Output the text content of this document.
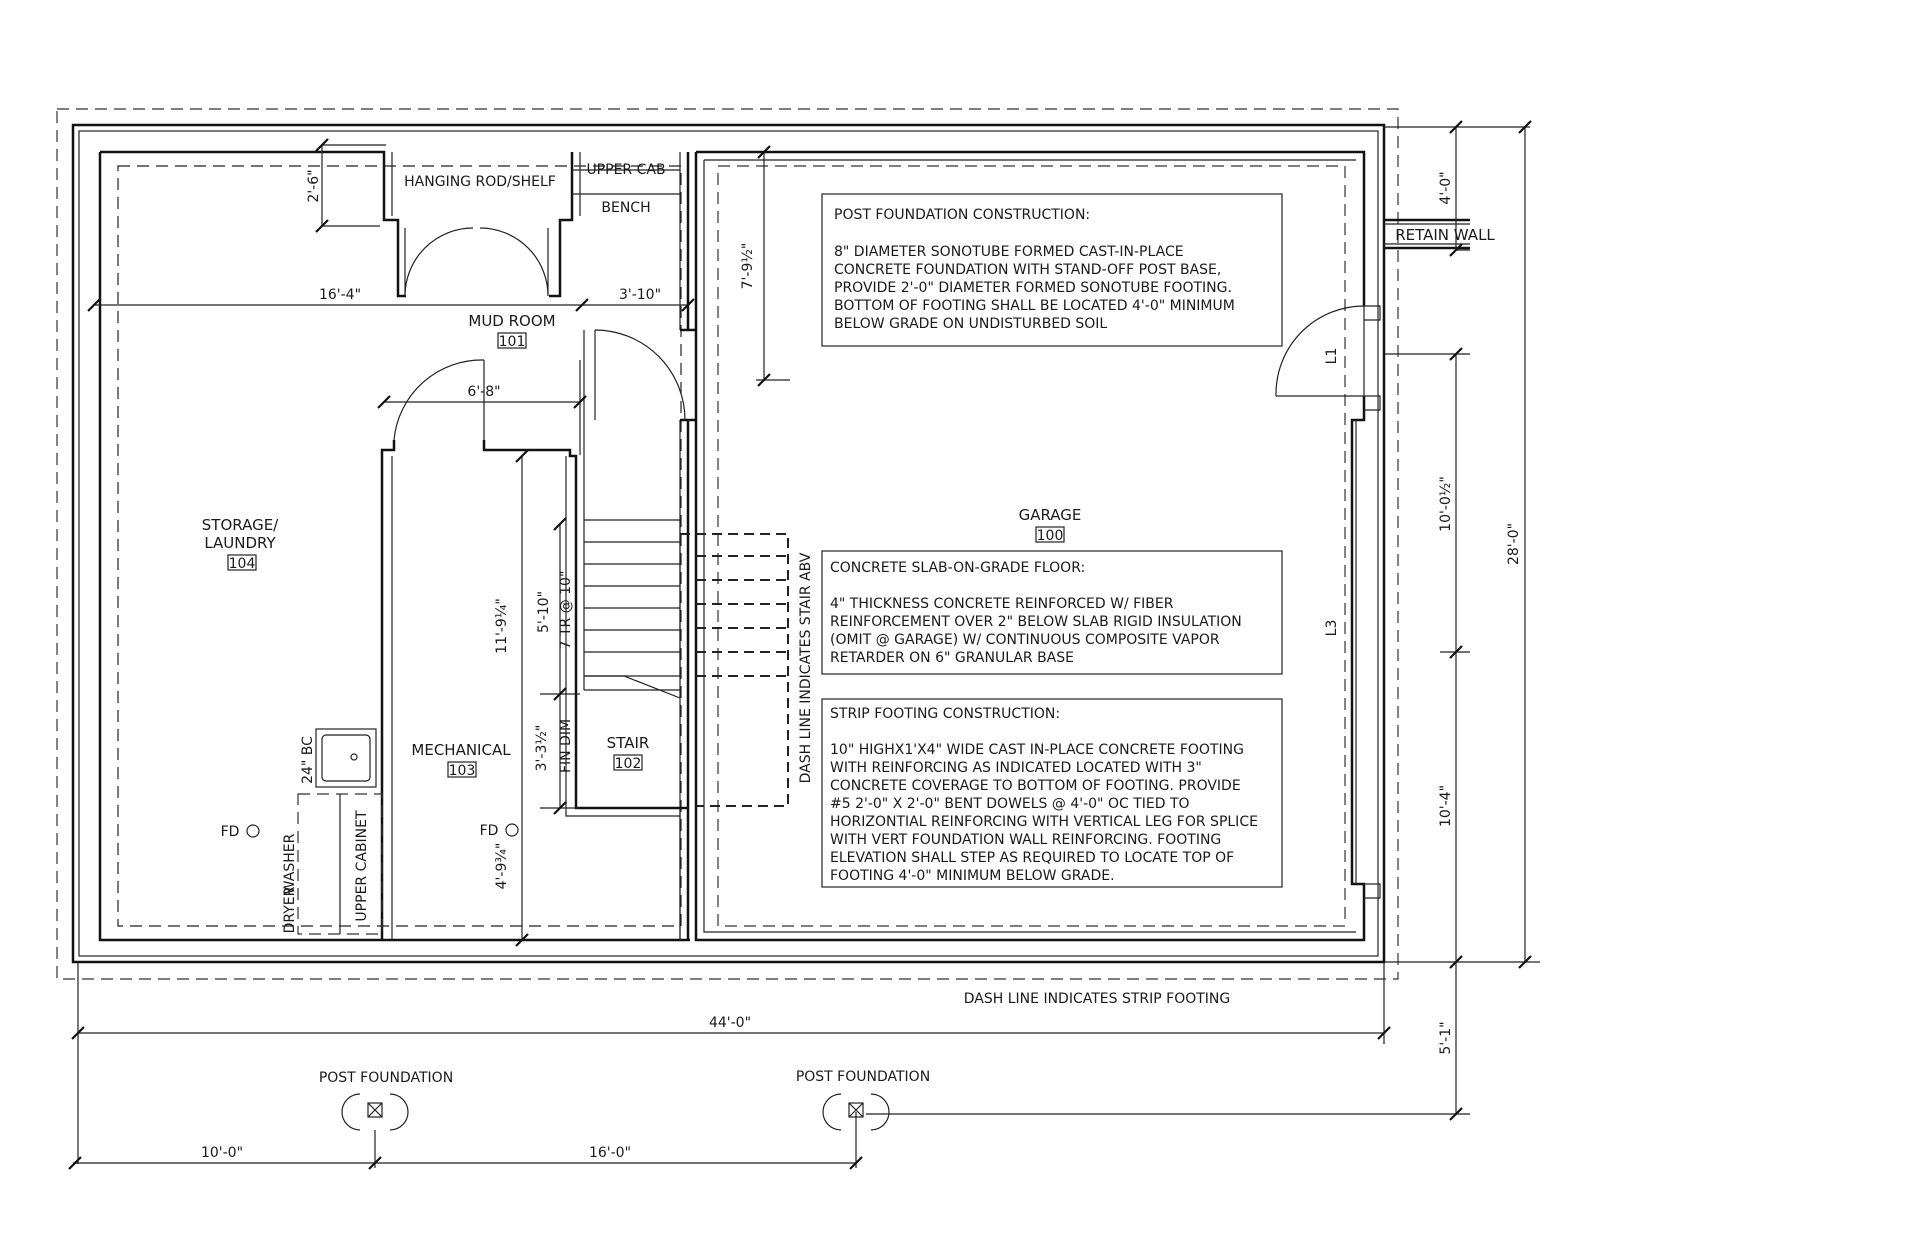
MUD ROOM
101
STORAGE/
LAUNDRY
104
MECHANICAL
103
STAIR
102
GARAGE
100
HANGING ROD/SHELF
UPPER CAB
BENCH
RETAIN WALL
24" BC
WASHER
DRYER	UPPER CABINET
FD	FD
FIN DIM	DASH LINE INDICATES STAIR ABV
DASH LINE INDICATES STRIP FOOTING
POST FOUNDATION	POST FOUNDATION
L1
L3
2'-6"
16'-4"	3'-10"
6'-8"
7'-9½"
4'-0"
10'-0½"
28'-0"
10'-4"
5'-1"
11'-9¼" 5'-10" 7 TR @ 10"
3'-3½"
4'-9¾"
44'-0"
10'-0"	16'-0"
POST FOUNDATION CONSTRUCTION:
8" DIAMETER SONOTUBE FORMED CAST-IN-PLACE
CONCRETE FOUNDATION WITH STAND-OFF POST BASE,
PROVIDE 2'-0" DIAMETER FORMED SONOTUBE FOOTING.
BOTTOM OF FOOTING SHALL BE LOCATED 4'-0" MINIMUM
BELOW GRADE ON UNDISTURBED SOIL
CONCRETE SLAB-ON-GRADE FLOOR:
4" THICKNESS CONCRETE REINFORCED W/ FIBER
REINFORCEMENT OVER 2" BELOW SLAB RIGID INSULATION
(OMIT @ GARAGE) W/ CONTINUOUS COMPOSITE VAPOR
RETARDER ON 6" GRANULAR BASE
STRIP FOOTING CONSTRUCTION:
10" HIGHX1'X4" WIDE CAST IN-PLACE CONCRETE FOOTING
WITH REINFORCING AS INDICATED LOCATED WITH 3"
CONCRETE COVERAGE TO BOTTOM OF FOOTING. PROVIDE
#5 2'-0" X 2'-0" BENT DOWELS @ 4'-0" OC TIED TO
HORIZONTIAL REINFORCING WITH VERTICAL LEG FOR SPLICE
WITH VERT FOUNDATION WALL REINFORCING. FOOTING
ELEVATION SHALL STEP AS REQUIRED TO LOCATE TOP OF
FOOTING 4'-0" MINIMUM BELOW GRADE.
